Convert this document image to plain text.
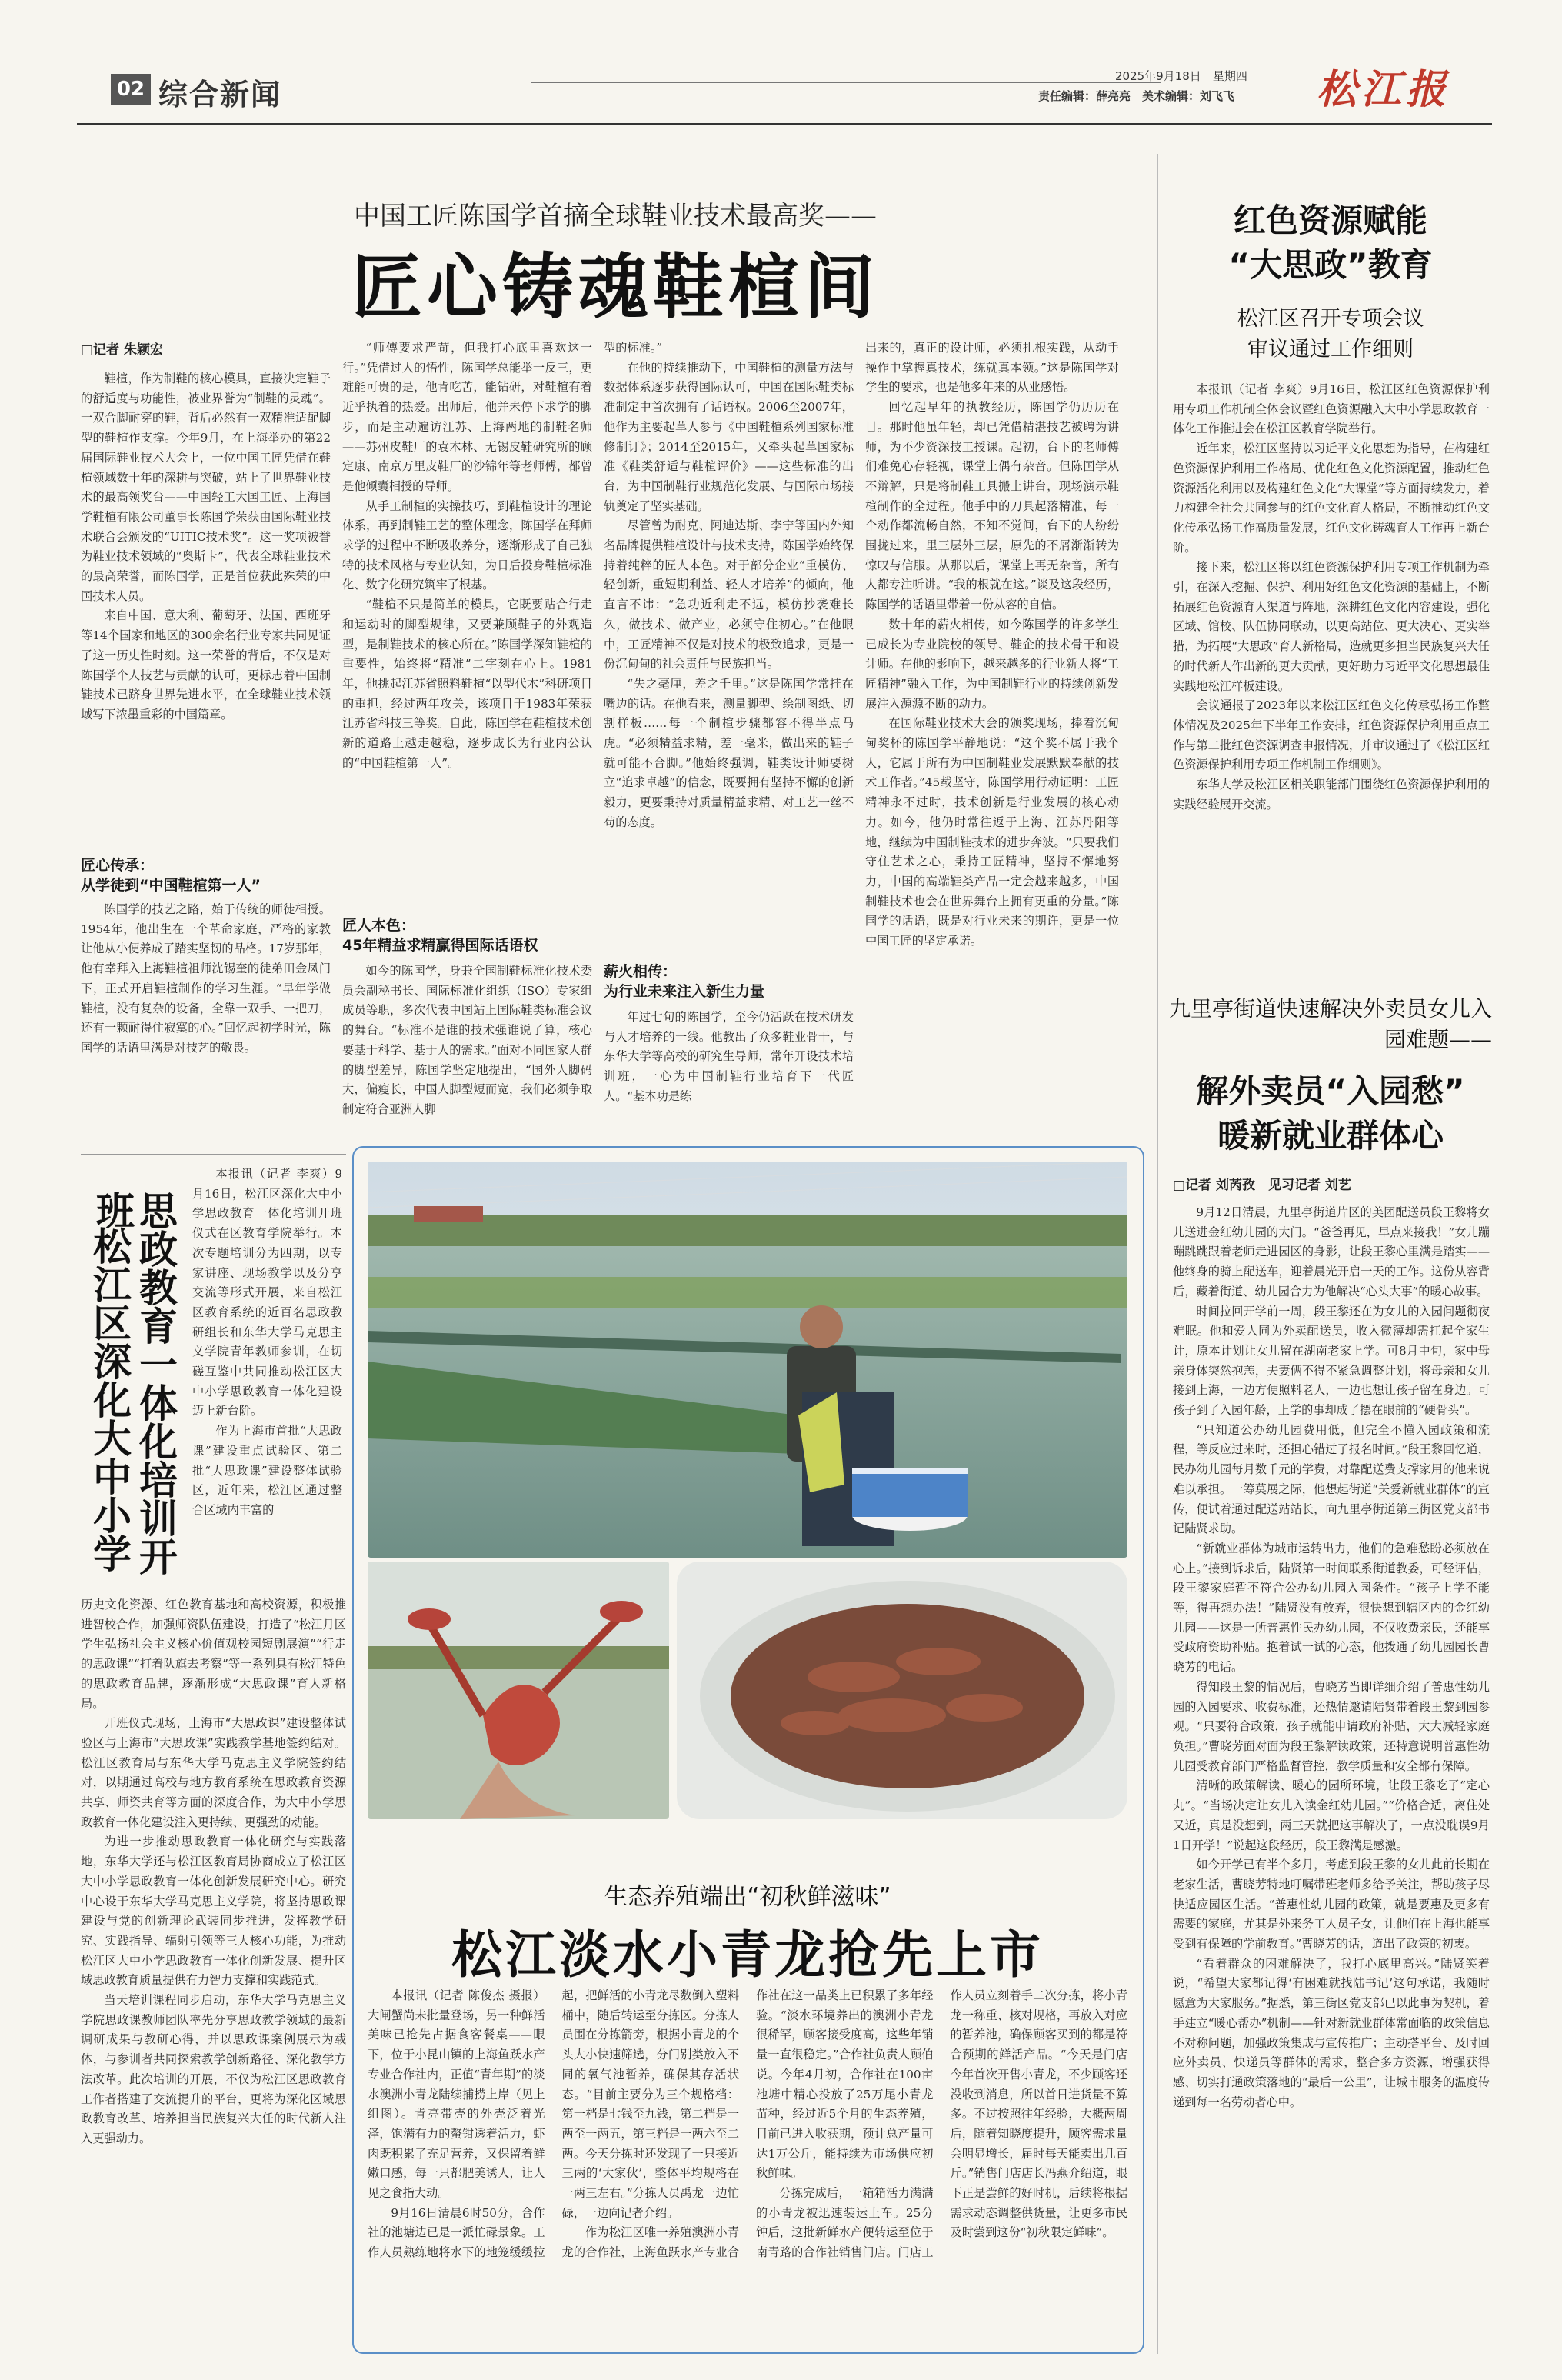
02 综合新闻
2025年9月18日　 星期四
责任编辑：薛亮亮　美术编辑：刘飞飞 松江报
中国工匠陈国学首摘全球鞋业技术最高奖——
匠心铸魂鞋楦间
□记者 朱颖宏

鞋楦，作为制鞋的核心模具，直接决定鞋子的舒适度与功能性，被业界誉为“制鞋的灵魂”。一双合脚耐穿的鞋，背后必然有一双精准适配脚型的鞋楦作支撑。今年9月，在上海举办的第22届国际鞋业技术大会上，一位中国工匠凭借在鞋楦领域数十年的深耕与突破，站上了世界鞋业技术的最高领奖台——中国轻工大国工匠、上海国学鞋楦有限公司董事长陈国学荣获由国际鞋业技术联合会颁发的“UITIC技术奖”。这一奖项被誉为鞋业技术领域的“奥斯卡”，代表全球鞋业技术的最高荣誉，而陈国学，正是首位获此殊荣的中国技术人员。

来自中国、意大利、葡萄牙、法国、西班牙等14个国家和地区的300余名行业专家共同见证了这一历史性时刻。这一荣誉的背后，不仅是对陈国学个人技艺与贡献的认可，更标志着中国制鞋技术已跻身世界先进水平，在全球鞋业技术领域写下浓墨重彩的中国篇章。

匠心传承：
从学徒到“中国鞋楦第一人”

陈国学的技艺之路，始于传统的师徒相授。1954年，他出生在一个革命家庭，严格的家教让他从小便养成了踏实坚韧的品格。17岁那年，他有幸拜入上海鞋楦祖师沈锡奎的徒弟田金凤门下，正式开启鞋楦制作的学习生涯。“早年学做鞋楦，没有复杂的设备，全靠一双手、一把刀，还有一颗耐得住寂寞的心。”回忆起初学时光，陈国学的话语里满是对技艺的敬畏。

“师傅要求严苛，但我打心底里喜欢这一行。”凭借过人的悟性，陈国学总能举一反三，更难能可贵的是，他肯吃苦，能钻研，对鞋楦有着近乎执着的热爱。出师后，他并未停下求学的脚步，而是主动遍访江苏、上海两地的制鞋名师——苏州皮鞋厂的袁木林、无锡皮鞋研究所的顾定康、南京万里皮鞋厂的沙锦年等老师傅，都曾是他倾囊相授的导师。

从手工制楦的实操技巧，到鞋楦设计的理论体系，再到制鞋工艺的整体理念，陈国学在拜师求学的过程中不断吸收养分，逐渐形成了自己独特的技术风格与专业认知，为日后投身鞋楦标准化、数字化研究筑牢了根基。

“鞋楦不只是简单的模具，它既要贴合行走和运动时的脚型规律，又要兼顾鞋子的外观造型，是制鞋技术的核心所在。”陈国学深知鞋楦的重要性，始终将“精准”二字刻在心上。1981年，他挑起江苏省照料鞋楦“以型代木”科研项目的重担，经过两年攻关，该项目于1983年荣获江苏省科技三等奖。自此，陈国学在鞋楦技术创新的道路上越走越稳，逐步成长为行业内公认的“中国鞋楦第一人”。

匠人本色：
45年精益求精赢得国际话语权

如今的陈国学，身兼全国制鞋标准化技术委员会副秘书长、国际标准化组织（ISO）专家组成员等职，多次代表中国站上国际鞋类标准会议的舞台。“标准不是谁的技术强谁说了算，核心要基于科学、基于人的需求。”面对不同国家人群的脚型差异，陈国学坚定地提出，“国外人脚码大，偏瘦长，中国人脚型短而宽，我们必须争取制定符合亚洲人脚

型的标准。”

在他的持续推动下，中国鞋楦的测量方法与数据体系逐步获得国际认可，中国在国际鞋类标准制定中首次拥有了话语权。2006至2007年，他作为主要起草人参与《中国鞋楦系列国家标准修制订》；2014至2015年，又牵头起草国家标准《鞋类舒适与鞋楦评价》——这些标准的出台，为中国制鞋行业规范化发展、与国际市场接轨奠定了坚实基础。

尽管曾为耐克、阿迪达斯、李宁等国内外知名品牌提供鞋楦设计与技术支持，陈国学始终保持着纯粹的匠人本色。对于部分企业“重模仿、轻创新，重短期利益、轻人才培养”的倾向，他直言不讳：“急功近利走不远，模仿抄袭难长久，做技术、做产业，必须守住初心。”在他眼中，工匠精神不仅是对技术的极致追求，更是一份沉甸甸的社会责任与民族担当。

“失之毫厘，差之千里。”这是陈国学常挂在嘴边的话。在他看来，测量脚型、绘制图纸、切割样板……每一个制楦步骤都容不得半点马虎。“必须精益求精，差一毫米，做出来的鞋子就可能不合脚。”他始终强调，鞋类设计师要树立“追求卓越”的信念，既要拥有坚持不懈的创新毅力，更要秉持对质量精益求精、对工艺一丝不苟的态度。

薪火相传：
为行业未来注入新生力量

年过七旬的陈国学，至今仍活跃在技术研发与人才培养的一线。他教出了众多鞋业骨干，与东华大学等高校的研究生导师，常年开设技术培训班，一心为中国制鞋行业培育下一代匠人。“基本功是练

出来的，真正的设计师，必须扎根实践，从动手操作中掌握真技术，练就真本领。”这是陈国学对学生的要求，也是他多年来的从业感悟。

回忆起早年的执教经历，陈国学仍历历在目。那时他虽年轻，却已凭借精湛技艺被聘为讲师，为不少资深技工授课。起初，台下的老师傅们难免心存轻视，课堂上偶有杂音。但陈国学从不辩解，只是将制鞋工具搬上讲台，现场演示鞋楦制作的全过程。他手中的刀具起落精准，每一个动作都流畅自然，不知不觉间，台下的人纷纷围拢过来，里三层外三层，原先的不屑渐渐转为惊叹与信服。从那以后，课堂上再无杂音，所有人都专注听讲。“我的根就在这。”谈及这段经历，陈国学的话语里带着一份从容的自信。

数十年的薪火相传，如今陈国学的许多学生已成长为专业院校的领导、鞋企的技术骨干和设计师。在他的影响下，越来越多的行业新人将“工匠精神”融入工作，为中国制鞋行业的持续创新发展注入源源不断的动力。

在国际鞋业技术大会的颁奖现场，捧着沉甸甸奖杯的陈国学平静地说：“这个奖不属于我个人，它属于所有为中国制鞋业发展默默奉献的技术工作者。”45载坚守，陈国学用行动证明：工匠精神永不过时，技术创新是行业发展的核心动力。如今，他仍时常往返于上海、江苏丹阳等地，继续为中国制鞋技术的进步奔波。“只要我们守住艺术之心，秉持工匠精神，坚持不懈地努力，中国的高端鞋类产品一定会越来越多，中国制鞋技术也会在世界舞台上拥有更重的分量。”陈国学的话语，既是对行业未来的期许，更是一位中国工匠的坚定承诺。

红色资源赋能
“大思政”教育
松江区召开专项会议
审议通过工作细则

本报讯（记者 李爽）9月16日，松江区红色资源保护利用专项工作机制全体会议暨红色资源融入大中小学思政教育一体化工作推进会在松江区教育学院举行。

近年来，松江区坚持以习近平文化思想为指导，在构建红色资源保护利用工作格局、优化红色文化资源配置，推动红色资源活化利用以及构建红色文化“大课堂”等方面持续发力，着力构建全社会共同参与的红色文化育人格局，不断推动红色文化传承弘扬工作高质量发展，红色文化铸魂育人工作再上新台阶。

接下来，松江区将以红色资源保护利用专项工作机制为牵引，在深入挖掘、保护、利用好红色文化资源的基础上，不断拓展红色资源育人渠道与阵地，深耕红色文化内容建设，强化区域、馆校、队伍协同联动，以更高站位、更大决心、更实举措，为拓展“大思政”育人新格局，造就更多担当民族复兴大任的时代新人作出新的更大贡献，更好助力习近平文化思想最佳实践地松江样板建设。

会议通报了2023年以来松江区红色文化传承弘扬工作整体情况及2025年下半年工作安排，红色资源保护利用重点工作与第二批红色资源调查申报情况，并审议通过了《松江区红色资源保护利用专项工作机制工作细则》。

东华大学及松江区相关职能部门围绕红色资源保护利用的实践经验展开交流。

九里亭街道快速解决外卖员女儿入园难题——
解外卖员“入园愁”
暖新就业群体心
□记者 刘芮孜　见习记者 刘艺

9月12日清晨，九里亭街道片区的美团配送员段王黎将女儿送进金红幼儿园的大门。“爸爸再见，早点来接我！”女儿蹦蹦跳跳跟着老师走进园区的身影，让段王黎心里满是踏实——他终身的骑上配送车，迎着晨光开启一天的工作。这份从容背后，藏着街道、幼儿园合力为他解决“心头大事”的暖心故事。

时间拉回开学前一周，段王黎还在为女儿的入园问题彻夜难眠。他和爱人同为外卖配送员，收入微薄却需扛起全家生计，原本计划让女儿留在湖南老家上学。可8月中旬，家中母亲身体突然抱恙，夫妻俩不得不紧急调整计划，将母亲和女儿接到上海，一边方便照料老人，一边也想让孩子留在身边。可孩子到了入园年龄，上学的事却成了摆在眼前的“硬骨头”。

“只知道公办幼儿园费用低，但完全不懂入园政策和流程，等反应过来时，还担心错过了报名时间。”段王黎回忆道，民办幼儿园每月数千元的学费，对靠配送费支撑家用的他来说难以承担。一筹莫展之际，他想起街道“关爱新就业群体”的宣传，便试着通过配送站站长，向九里亭街道第三街区党支部书记陆贤求助。

“新就业群体为城市运转出力，他们的急难愁盼必须放在心上。”接到诉求后，陆贤第一时间联系街道教委，可经评估，段王黎家庭暂不符合公办幼儿园入园条件。“孩子上学不能等，得再想办法！”陆贤没有放弃，很快想到辖区内的金红幼儿园——这是一所普惠性民办幼儿园，不仅收费亲民，还能享受政府资助补贴。抱着试一试的心态，他拨通了幼儿园园长曹晓芳的电话。

得知段王黎的情况后，曹晓芳当即详细介绍了普惠性幼儿园的入园要求、收费标准，还热情邀请陆贤带着段王黎到园参观。“只要符合政策，孩子就能申请政府补贴，大大减轻家庭负担。”曹晓芳面对面为段王黎解读政策，还特意说明普惠性幼儿园受教育部门严格监督管控，教学质量和安全都有保障。

清晰的政策解读、暖心的园所环境，让段王黎吃了“定心丸”。“当场决定让女儿入读金红幼儿园。”“价格合适，离住处又近，真是没想到，两三天就把这事解决了，一点没耽误9月1日开学！”说起这段经历，段王黎满是感激。

如今开学已有半个多月，考虑到段王黎的女儿此前长期在老家生活，曹晓芳特地叮嘱带班老师多给予关注，帮助孩子尽快适应园区生活。“普惠性幼儿园的政策，就是要惠及更多有需要的家庭，尤其是外来务工人员子女，让他们在上海也能享受到有保障的学前教育。”曹晓芳的话，道出了政策的初衷。

“看着群众的困难解决了，我打心底里高兴。”陆贤笑着说，“希望大家都记得‘有困难就找陆书记’这句承诺，我随时愿意为大家服务。”据悉，第三街区党支部已以此事为契机，着手建立“暖心帮办”机制——针对新就业群体常面临的政策信息不对称问题，加强政策集成与宣传推广；主动搭平台、及时回应外卖员、快递员等群体的需求，整合多方资源，增强获得感、切实打通政策落地的“最后一公里”，让城市服务的温度传递到每一名劳动者心中。

思政教育一体化培训开班
松江区深化大中小学

本报讯（记者 李爽）9月16日，松江区深化大中小学思政教育一体化培训开班仪式在区教育学院举行。本次专题培训分为四期，以专家讲座、现场教学以及分享交流等形式开展，来自松江区教育系统的近百名思政教研组长和东华大学马克思主义学院青年教师参训，在切磋互鉴中共同推动松江区大中小学思政教育一体化建设迈上新台阶。

作为上海市首批“大思政课”建设重点试验区、第二批“大思政课”建设整体试验区，近年来，松江区通过整合区域内丰富的

历史文化资源、红色教育基地和高校资源，积极推进智校合作，加强师资队伍建设，打造了“松江月区学生弘扬社会主义核心价值观校园短剧展演”“行走的思政课”“打着队旗去考察”等一系列具有松江特色的思政教育品牌，逐渐形成“大思政课”育人新格局。

开班仪式现场，上海市“大思政课”建设整体试验区与上海市“大思政课”实践教学基地签约结对。松江区教育局与东华大学马克思主义学院签约结对，以期通过高校与地方教育系统在思政教育资源共享、师资共育等方面的深度合作，为大中小学思政教育一体化建设注入更持续、更强劲的动能。

为进一步推动思政教育一体化研究与实践落地，东华大学还与松江区教育局协商成立了松江区大中小学思政教育一体化创新发展研究中心。研究中心设于东华大学马克思主义学院，将坚持思政课建设与党的创新理论武装同步推进，发挥教学研究、实践指导、辐射引领等三大核心功能，为推动松江区大中小学思政教育一体化创新发展、提升区域思政教育质量提供有力智力支撑和实践范式。

当天培训课程同步启动，东华大学马克思主义学院思政课教师团队率先分享思政教学领域的最新调研成果与教研心得，并以思政课案例展示为载体，与参训者共同探索教学创新路径、深化教学方法改革。此次培训的开展，不仅为松江区思政教育工作者搭建了交流提升的平台，更将为深化区域思政教育改革、培养担当民族复兴大任的时代新人注入更强动力。

生态养殖端出“初秋鲜滋味”
松江淡水小青龙抢先上市

本报讯（记者 陈俊杰 摄报）大闸蟹尚未批量登场，另一种鲜活美味已抢先占据食客餐桌——眼下，位于小昆山镇的上海鱼跃水产专业合作社内，正值“青年期”的淡水澳洲小青龙陆续捕捞上岸（见上组图）。肯亮带壳的外壳泛着光泽，饱满有力的螯钳透着活力，虾肉既积累了充足营养，又保留着鲜嫩口感，每一只都肥美诱人，让人见之食指大动。

9月16日清晨6时50分，合作社的池塘边已是一派忙碌景象。工作人员熟练地将水下的地笼缓缓拉起，把鲜活的小青龙尽数倒入塑料桶中，随后转运至分拣区。分拣人员围在分拣箭旁，根据小青龙的个头大小快速筛选，分门别类放入不同的氧气池暂养，确保其存活状态。“目前主要分为三个规格档：第一档是七钱至九钱，第二档是一两至一两五，第三档是一两六至二两。今天分拣时还发现了一只接近三两的‘大家伙’，整体平均规格在一两三左右。”分拣人员禹龙一边忙碌，一边向记者介绍。

作为松江区唯一养殖澳洲小青龙的合作社，上海鱼跃水产专业合作社在这一品类上已积累了多年经验。“淡水环境养出的澳洲小青龙很稀罕，顾客接受度高，这些年销量一直很稳定。”合作社负责人顾伯说。今年4月初，合作社在100亩池塘中精心投放了25万尾小青龙苗种，经过近5个月的生态养殖，目前已进入收获期，预计总产量可达1万公斤，能持续为市场供应初秋鲜味。

分拣完成后，一箱箱活力满满的小青龙被迅速装运上车。25分钟后，这批新鲜水产便转运至位于南青路的合作社销售门店。门店工作人员立刻着手二次分拣，将小青龙一称重、核对规格，再放入对应的暂养池，确保顾客买到的都是符合预期的鲜活产品。“今天是门店今年首次开售小青龙，不少顾客还没收到消息，所以首日进货量不算多。不过按照往年经验，大概两周后，随着知晓度提升，顾客需求量会明显增长，届时每天能卖出几百斤。”销售门店店长冯燕介绍道，眼下正是尝鲜的好时机，后续将根据需求动态调整供货量，让更多市民及时尝到这份“初秋限定鲜味”。
